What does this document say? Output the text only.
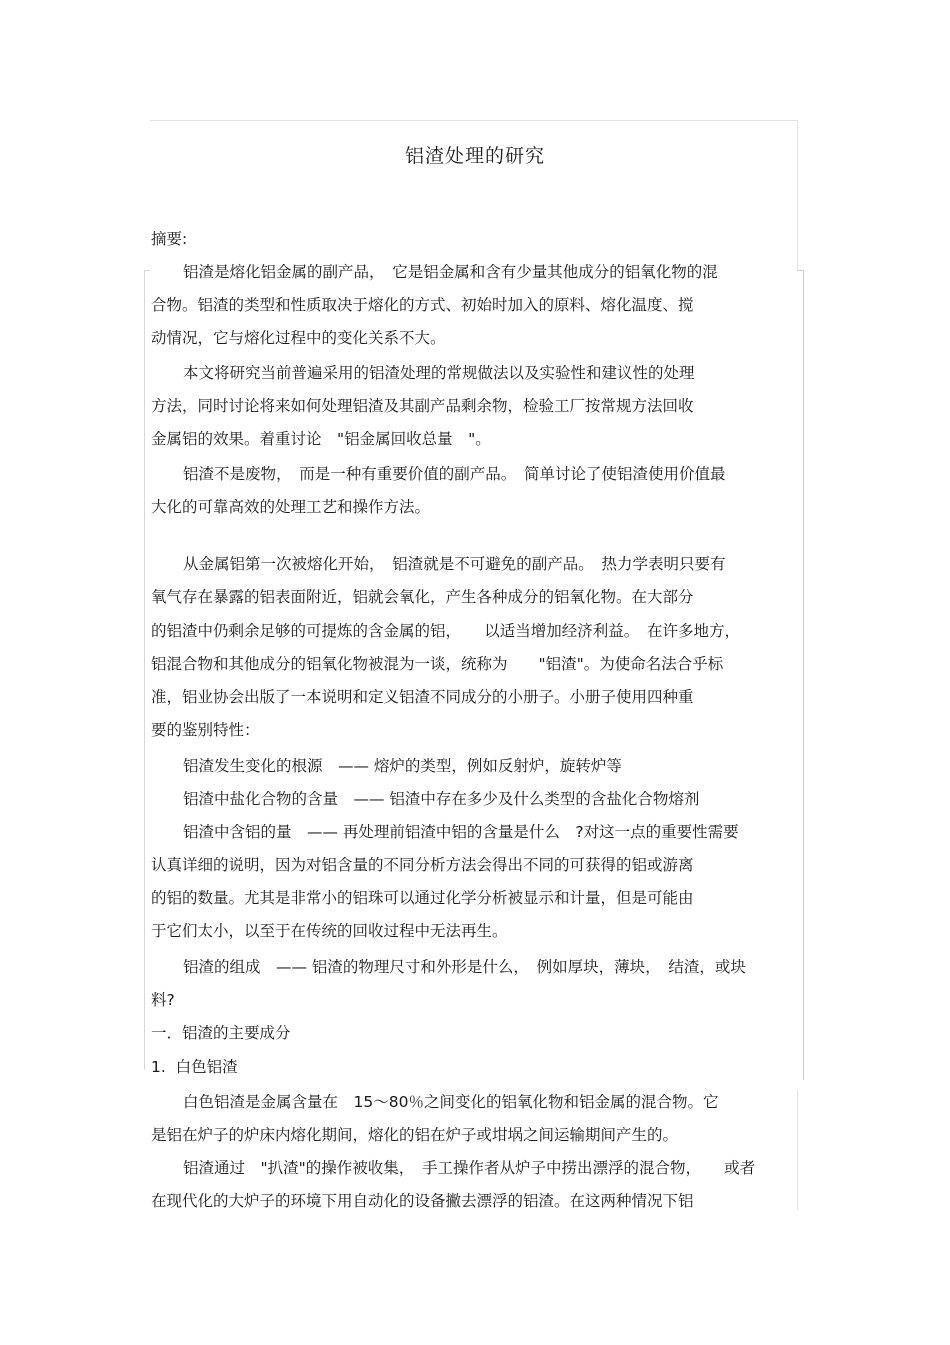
铝渣处理的研究
摘要:
铝渣是熔化铝金属的副产品，　它是铝金属和含有少量其他成分的铝氧化物的混
合物。铝渣的类型和性质取决于熔化的方式、初始时加入的原料、熔化温度、搅
动情况，它与熔化过程中的变化关系不大。
本文将研究当前普遍采用的铝渣处理的常规做法以及实验性和建议性的处理
方法，同时讨论将来如何处理铝渣及其副产品剩余物，检验工厂按常规方法回收
金属铝的效果。着重讨论　"铝金属回收总量　"。
铝渣不是废物，　而是一种有重要价值的副产品。　简单讨论了使铝渣使用价值最
大化的可靠高效的处理工艺和操作方法。
从金属铝第一次被熔化开始，　铝渣就是不可避免的副产品。　热力学表明只要有
氧气存在暴露的铝表面附近，铝就会氧化，产生各种成分的铝氧化物。在大部分
的铝渣中仍剩余足够的可提炼的含金属的铝，　　以适当增加经济利益。　在许多地方，
铝混合物和其他成分的铝氧化物被混为一谈，统称为　　"铝渣"。为使命名法合乎标
准，铝业协会出版了一本说明和定义铝渣不同成分的小册子。小册子使用四种重
要的鉴别特性：
铝渣发生变化的根源　—— 熔炉的类型，例如反射炉，旋转炉等
铝渣中盐化合物的含量　—— 铝渣中存在多少及什么类型的含盐化合物熔剂
铝渣中含铝的量　—— 再处理前铝渣中铝的含量是什么　?对这一点的重要性需要
认真详细的说明，因为对铝含量的不同分析方法会得出不同的可获得的铝或游离
的铝的数量。尤其是非常小的铝珠可以通过化学分析被显示和计量，但是可能由
于它们太小，以至于在传统的回收过程中无法再生。
铝渣的组成　—— 铝渣的物理尺寸和外形是什么，　例如厚块，薄块，　结渣，或块
料?
一．铝渣的主要成分
1.  白色铝渣
白色铝渣是金属含量在　15～80％之间变化的铝氧化物和铝金属的混合物。它
是铝在炉子的炉床内熔化期间，熔化的铝在炉子或坩埚之间运输期间产生的。
铝渣通过　"扒渣"的操作被收集，　手工操作者从炉子中捞出漂浮的混合物，　　或者
在现代化的大炉子的环境下用自动化的设备撇去漂浮的铝渣。在这两种情况下铝
